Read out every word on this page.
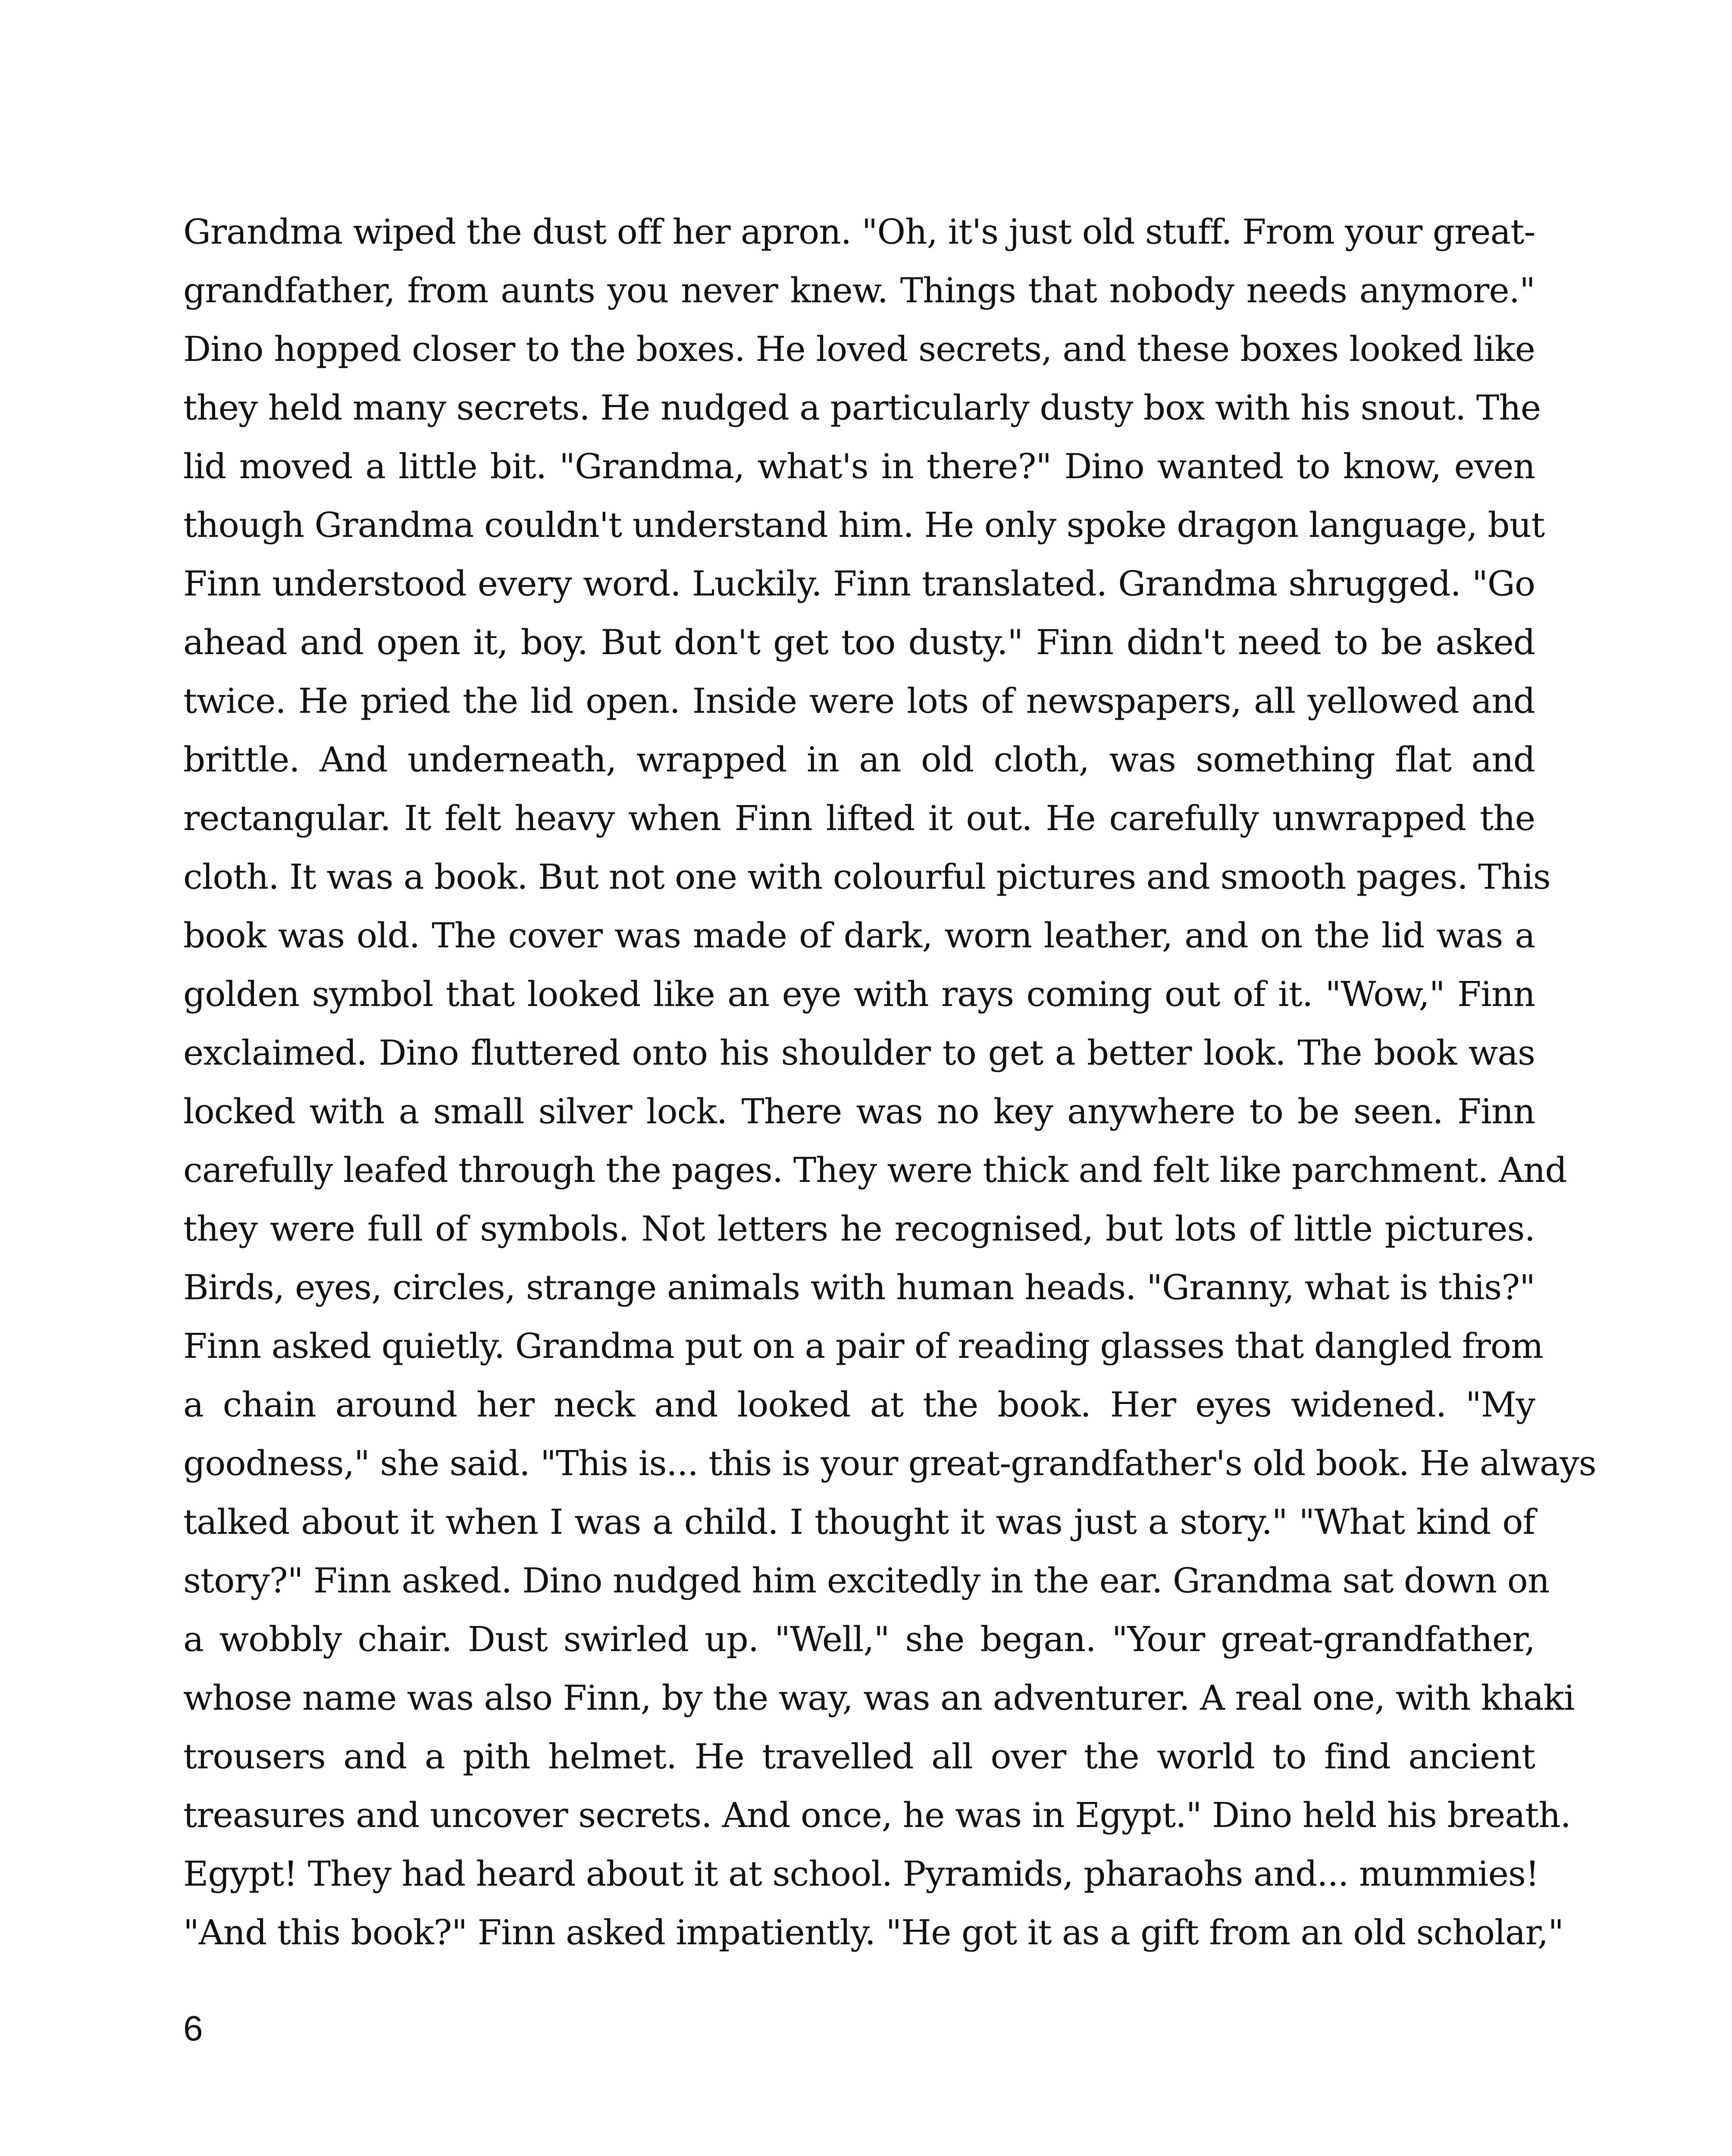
Grandma wiped the dust off her apron. "Oh, it's just old stuff. From your great-
grandfather, from aunts you never knew. Things that nobody needs anymore."
Dino hopped closer to the boxes. He loved secrets, and these boxes looked like
they held many secrets. He nudged a particularly dusty box with his snout. The
lid moved a little bit. "Grandma, what's in there?" Dino wanted to know, even
though Grandma couldn't understand him. He only spoke dragon language, but
Finn understood every word. Luckily. Finn translated. Grandma shrugged. "Go
ahead and open it, boy. But don't get too dusty." Finn didn't need to be asked
twice. He pried the lid open. Inside were lots of newspapers, all yellowed and
brittle. And underneath, wrapped in an old cloth, was something flat and
rectangular. It felt heavy when Finn lifted it out. He carefully unwrapped the
cloth. It was a book. But not one with colourful pictures and smooth pages. This
book was old. The cover was made of dark, worn leather, and on the lid was a
golden symbol that looked like an eye with rays coming out of it. "Wow," Finn
exclaimed. Dino fluttered onto his shoulder to get a better look. The book was
locked with a small silver lock. There was no key anywhere to be seen. Finn
carefully leafed through the pages. They were thick and felt like parchment. And
they were full of symbols. Not letters he recognised, but lots of little pictures.
Birds, eyes, circles, strange animals with human heads. "Granny, what is this?"
Finn asked quietly. Grandma put on a pair of reading glasses that dangled from
a chain around her neck and looked at the book. Her eyes widened. "My
goodness," she said. "This is... this is your great-grandfather's old book. He always
talked about it when I was a child. I thought it was just a story." "What kind of
story?" Finn asked. Dino nudged him excitedly in the ear. Grandma sat down on
a wobbly chair. Dust swirled up. "Well," she began. "Your great-grandfather,
whose name was also Finn, by the way, was an adventurer. A real one, with khaki
trousers and a pith helmet. He travelled all over the world to find ancient
treasures and uncover secrets. And once, he was in Egypt." Dino held his breath.
Egypt! They had heard about it at school. Pyramids, pharaohs and... mummies!
"And this book?" Finn asked impatiently. "He got it as a gift from an old scholar,"
6
